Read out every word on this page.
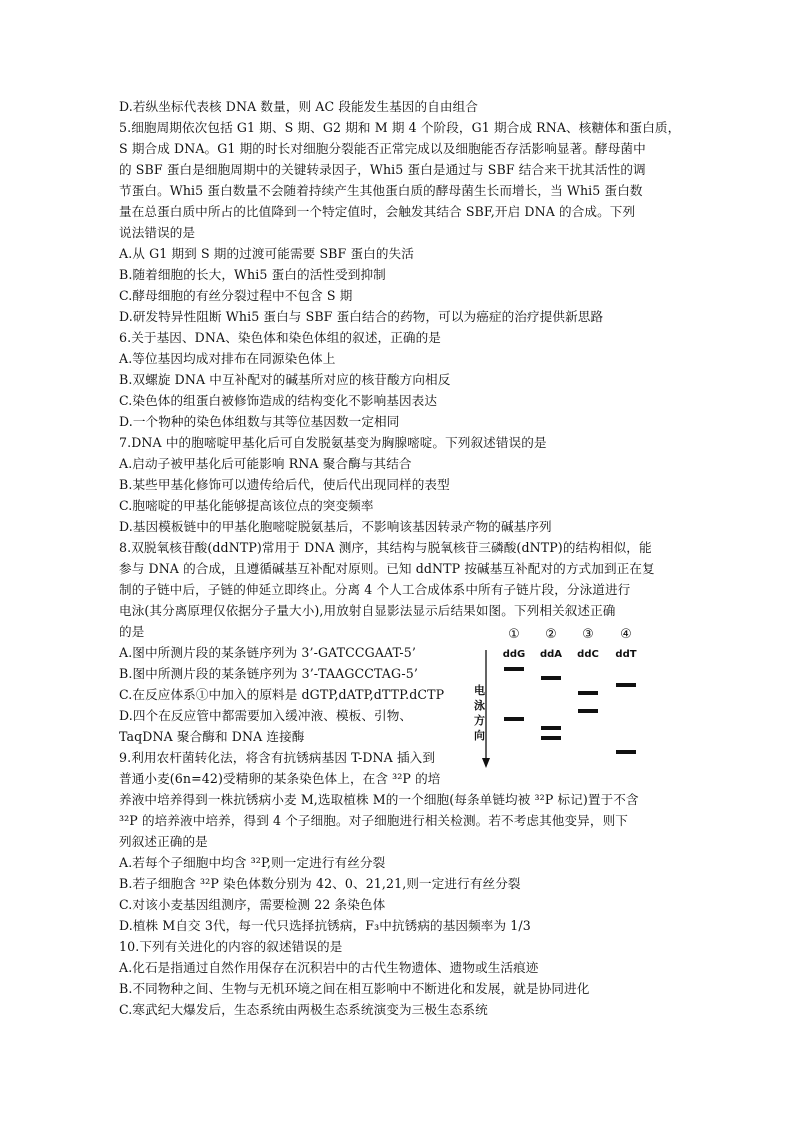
D.若纵坐标代表核 DNA 数量，则 AC 段能发生基因的自由组合
5.细胞周期依次包括 G1 期、S 期、G2 期和 M 期 4 个阶段，G1 期合成 RNA、核糖体和蛋白质，
S 期合成 DNA。G1 期的时长对细胞分裂能否正常完成以及细胞能否存活影响显著。酵母菌中
的 SBF 蛋白是细胞周期中的关键转录因子，Whi5 蛋白是通过与 SBF 结合来干扰其活性的调
节蛋白。Whi5 蛋白数量不会随着持续产生其他蛋白质的酵母菌生长而增长，当 Whi5 蛋白数
量在总蛋白质中所占的比值降到一个特定值时，会触发其结合 SBF,开启 DNA 的合成。下列
说法错误的是
A.从 G1 期到 S 期的过渡可能需要 SBF 蛋白的失活
B.随着细胞的长大，Whi5 蛋白的活性受到抑制
C.酵母细胞的有丝分裂过程中不包含 S 期
D.研发特异性阻断 Whi5 蛋白与 SBF 蛋白结合的药物，可以为癌症的治疗提供新思路
6.关于基因、DNA、染色体和染色体组的叙述，正确的是
A.等位基因均成对排布在同源染色体上
B.双螺旋 DNA 中互补配对的碱基所对应的核苷酸方向相反
C.染色体的组蛋白被修饰造成的结构变化不影响基因表达
D.一个物种的染色体组数与其等位基因数一定相同
7.DNA 中的胞嘧啶甲基化后可自发脱氨基变为胸腺嘧啶。下列叙述错误的是
A.启动子被甲基化后可能影响 RNA 聚合酶与其结合
B.某些甲基化修饰可以遗传给后代，使后代出现同样的表型
C.胞嘧啶的甲基化能够提高该位点的突变频率
D.基因模板链中的甲基化胞嘧啶脱氨基后，不影响该基因转录产物的碱基序列
8.双脱氧核苷酸(ddNTP)常用于 DNA 测序，其结构与脱氧核苷三磷酸(dNTP)的结构相似，能
参与 DNA 的合成，且遵循碱基互补配对原则。已知 ddNTP 按碱基互补配对的方式加到正在复
制的子链中后，子链的伸延立即终止。分离 4 个人工合成体系中所有子链片段，分泳道进行
电泳(其分离原理仅依据分子量大小),用放射自显影法显示后结果如图。下列相关叙述正确
的是
A.图中所测片段的某条链序列为 3’-GATCCGAAT-5’
B.图中所测片段的某条链序列为 3’-TAAGCCTAG-5’
C.在反应体系①中加入的原料是 dGTP,dATP,dTTP.dCTP
D.四个在反应管中都需要加入缓冲液、模板、引物、
TaqDNA 聚合酶和 DNA 连接酶
9.利用农杆菌转化法，将含有抗锈病基因 T-DNA 插入到
普通小麦(6n=42)受精卵的某条染色体上，在含 ³²P 的培
养液中培养得到一株抗锈病小麦 M,选取植株 M的一个细胞(每条单链均被 ³²P 标记)置于不含
³²P 的培养液中培养，得到 4 个子细胞。对子细胞进行相关检测。若不考虑其他变异，则下
列叙述正确的是
A.若每个子细胞中均含 ³²P,则一定进行有丝分裂
B.若子细胞含 ³²P 染色体数分别为 42、0、21,21,则一定进行有丝分裂
C.对该小麦基因组测序，需要检测 22 条染色体
D.植株 M自交 3代，每一代只选择抗锈病，F₃中抗锈病的基因频率为 1/3
10.下列有关进化的内容的叙述错误的是
A.化石是指通过自然作用保存在沉积岩中的古代生物遗体、遗物或生活痕迹
B.不同物种之间、生物与无机环境之间在相互影响中不断进化和发展，就是协同进化
C.寒武纪大爆发后，生态系统由两极生态系统演变为三极生态系统
① ② ③ ④
ddG ddA ddC ddT
电
泳
方
向
